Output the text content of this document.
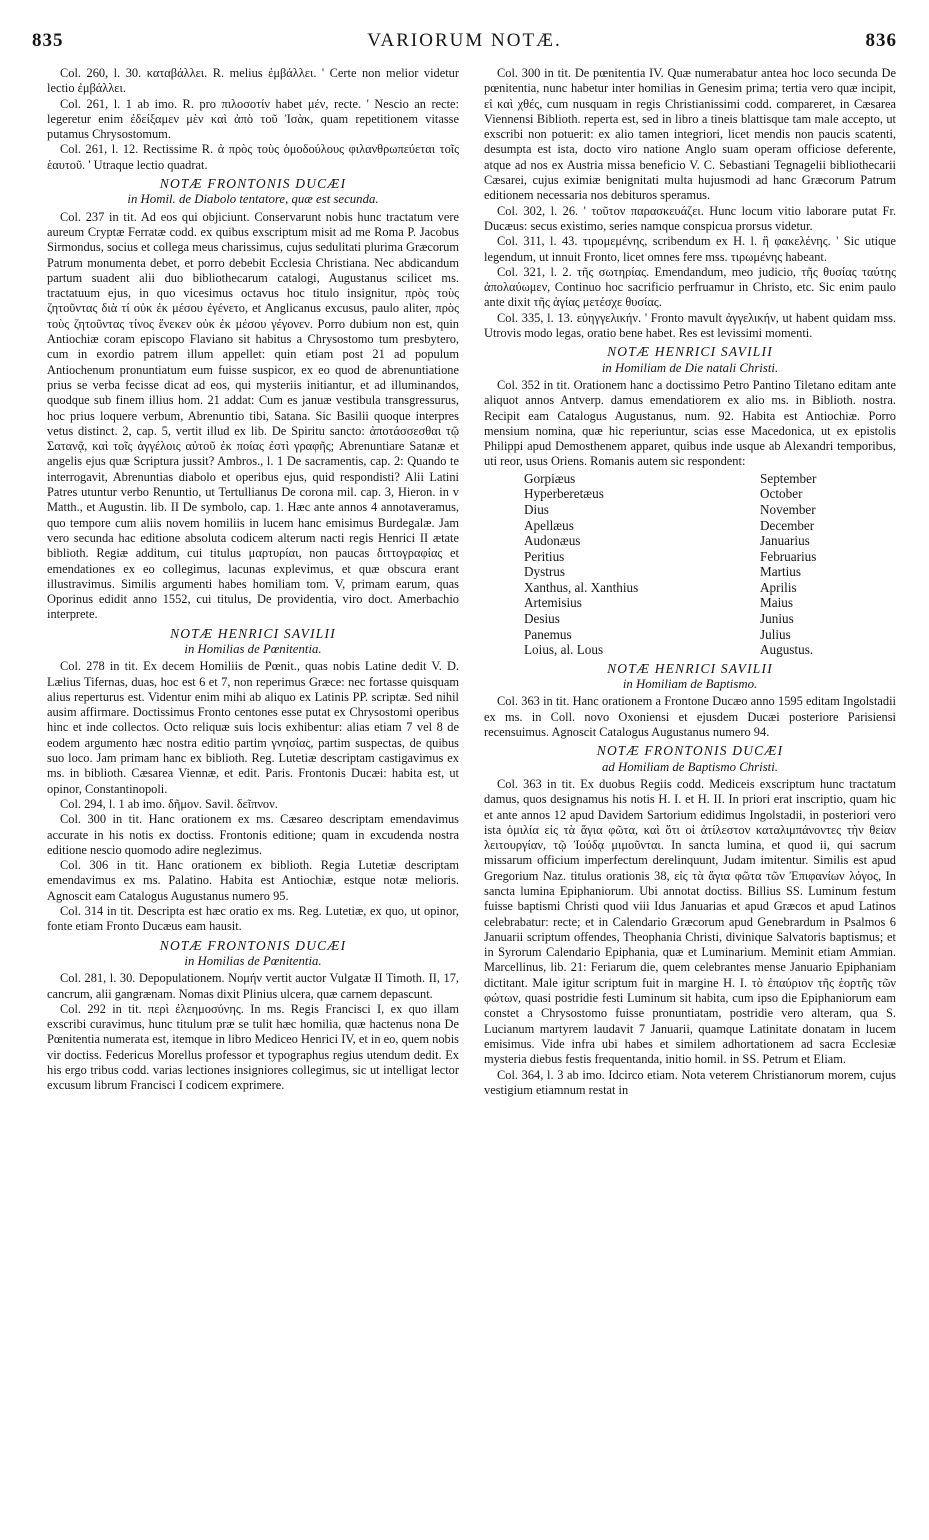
835	VARIORUM NOTÆ.	836

Col. 260, l. 30. καταβάλλει. R. melius ἐμβάλλει. ' Certe non melior videtur lectio ἐμβάλλει.

Col. 261, l. 1 ab imo. R. pro πιλοσοτίν habet μέν, recte. ' Nescio an recte: legeretur enim ἐδείξαμεν μὲν καὶ ἀπὸ τοῦ Ἰσὰκ, quam repetitionem vitasse putamus Chrysostomum.

Col. 261, l. 12. Rectissime R. ἀ πρὸς τοὺς ὁμοδούλους φιλανθρωπεύεται τοῖς ἑαυτοῦ. ' Utraque lectio quadrat.

NOTÆ FRONTONIS DUCÆI
in Homil. de Diabolo tentatore, quæ est secunda.

Col. 237 in tit. Ad eos qui objiciunt. Conservarunt nobis hunc tractatum vere aureum Cryptæ Ferratæ codd. ex quibus exscriptum misit ad me Roma P. Jacobus Sirmondus, socius et collega meus charissimus, cujus sedulitati plurima Græcorum Patrum monumenta debet, et porro debebit Ecclesia Christiana. Nec abdicandum partum suadent alii duo bibliothecarum catalogi, Augustanus scilicet ms. tractatuum ejus, in quo vicesimus octavus hoc titulo insignitur, πρὸς τοὺς ζητοῦντας διὰ τί οὐκ ἐκ μέσου ἐγένετο, et Anglicanus excusus, paulo aliter, πρὸς τοὺς ζητοῦντας τίνος ἕνεκεν οὐκ ἐκ μέσου γέγονεν. Porro dubium non est, quin Antiochiæ coram episcopo Flaviano sit habitus a Chrysostomo tum presbytero, cum in exordio patrem illum appellet: quin etiam post 21 ad populum Antiochenum pronuntiatum eum fuisse suspicor, ex eo quod de abrenuntiatione prius se verba fecisse dicat ad eos, qui mysteriis initiantur, et ad illuminandos, quodque sub finem illius hom. 21 addat: Cum es januæ vestibula transgressurus, hoc prius loquere verbum, Abrenuntio tibi, Satana. Sic Basilii quoque interpres vetus distinct. 2, cap. 5, vertit illud ex lib. De Spiritu sancto: ἀποτάσσεσθαι τῷ Σατανᾷ, καὶ τοῖς ἀγγέλοις αὐτοῦ ἐκ ποίας ἐστὶ γραφῆς; Abrenuntiare Satanæ et angelis ejus quæ Scriptura jussit? Ambros., l. 1 De sacramentis, cap. 2: Quando te interrogavit, Abrenuntias diabolo et operibus ejus, quid respondisti? Alii Latini Patres utuntur verbo Renuntio, ut Tertullianus De corona mil. cap. 3, Hieron. in v Matth., et Augustin. lib. II De symbolo, cap. 1. Hæc ante annos 4 annotaveramus, quo tempore cum aliis novem homiliis in lucem hanc emisimus Burdegalæ. Jam vero secunda hac editione absoluta codicem alterum nacti regis Henrici II ætate biblioth. Regiæ additum, cui titulus μαρτυρίαι, non paucas διττογραφίας et emendationes ex eo collegimus, lacunas explevimus, et quæ obscura erant illustravimus. Similis argumenti habes homiliam tom. V, primam earum, quas Oporinus edidit anno 1552, cui titulus, De providentia, viro doct. Amerbachio interprete.

NOTÆ HENRICI SAVILII
in Homilias de Pœnitentia.

Col. 278 in tit. Ex decem Homiliis de Pœnit., quas nobis Latine dedit V. D. Lælius Tifernas, duas, hoc est 6 et 7, non reperimus Græce: nec fortasse quisquam alius reperturus est. Videntur enim mihi ab aliquo ex Latinis PP. scriptæ. Sed nihil ausim affirmare. Doctissimus Fronto centones esse putat ex Chrysostomi operibus hinc et inde collectos. Octo reliquæ suis locis exhibentur: alias etiam 7 vel 8 de eodem argumento hæc nostra editio partim γνησίας, partim suspectas, de quibus suo loco. Jam primam hanc ex biblioth. Reg. Lutetiæ descriptam castigavimus ex ms. in biblioth. Cæsarea Viennæ, et edit. Paris. Frontonis Ducæi: habita est, ut opinor, Constantinopoli.

Col. 294, l. 1 ab imo. δῆμον. Savil. δεῖπνον.

Col. 300 in tit. Hanc orationem ex ms. Cæsareo descriptam emendavimus accurate in his notis ex doctiss. Frontonis editione; quam in excudenda nostra editione nescio quomodo adire neglezimus.

Col. 306 in tit. Hanc orationem ex biblioth. Regia Lutetiæ descriptam emendavimus ex ms. Palatino. Habita est Antiochiæ, estque notæ melioris. Agnoscit eam Catalogus Augustanus numero 95.

Col. 314 in tit. Descripta est hæc oratio ex ms. Reg. Lutetiæ, ex quo, ut opinor, fonte etiam Fronto Ducæus eam hausit.

NOTÆ FRONTONIS DUCÆI
in Homilias de Pœnitentia.

Col. 281, l. 30. Depopulationem. Νομήν vertit auctor Vulgatæ II Timoth. II, 17, cancrum, alii gangrænam. Nomas dixit Plinius ulcera, quæ carnem depascunt.

Col. 292 in tit. περὶ ἐλεημοσύνης. In ms. Regis Francisci I, ex quo illam exscribi curavimus, hunc titulum præ se tulit hæc homilia, quæ hactenus nona De Pœnitentia numerata est, itemque in libro Mediceo Henrici IV, et in eo, quem nobis vir doctiss. Federicus Morellus professor et typographus regius utendum dedit. Ex his ergo tribus codd. varias lectiones insigniores collegimus, sic ut intelligat lector excusum librum Francisci I codicem exprimere.

Col. 300 in tit. De pœnitentia IV. Quæ numerabatur antea hoc loco secunda De pœnitentia, nunc habetur inter homilias in Genesim prima; tertia vero quæ incipit, εἰ καὶ χθές, cum nusquam in regis Christianissimi codd. compareret, in Cæsarea Viennensi Biblioth. reperta est, sed in libro a tineis blattisque tam male accepto, ut exscribi non potuerit: ex alio tamen integriori, licet mendis non paucis scatenti, desumpta est ista, docto viro natione Anglo suam operam officiose deferente, atque ad nos ex Austria missa beneficio V. C. Sebastiani Tegnagelii bibliothecarii Cæsarei, cujus eximiæ benignitati multa hujusmodi ad hanc Græcorum Patrum editionem necessaria nos debituros speramus.

Col. 302, l. 26. ' τοῦτον παρασκευάζει. Hunc locum vitio laborare putat Fr. Ducæus: secus existimo, series namque conspicua prorsus videtur.

Col. 311, l. 43. τιρομεμένης, scribendum ex H. l. ἢ φακελένης. ' Sic utique legendum, ut innuit Fronto, licet omnes fere mss. τιρωμένης habeant.

Col. 321, l. 2. τῆς σωτηρίας. Emendandum, meo judicio, τῆς θυσίας ταύτης ἀπολαύωμεν, Continuo hoc sacrificio perfruamur in Christo, etc. Sic enim paulo ante dixit τῆς ἁγίας μετέσχε θυσίας.

Col. 335, l. 13. εὐηγγελικήν. ' Fronto mavult ἀγγελικήν, ut habent quidam mss. Utrovis modo legas, oratio bene habet. Res est levissimi momenti.

NOTÆ HENRICI SAVILII
in Homiliam de Die natali Christi.

Col. 352 in tit. Orationem hanc a doctissimo Petro Pantino Tiletano editam ante aliquot annos Antverp. damus emendatiorem ex alio ms. in Biblioth. nostra. Recipit eam Catalogus Augustanus, num. 92. Habita est Antiochiæ. Porro mensium nomina, quæ hic reperiuntur, scias esse Macedonica, ut ex epistolis Philippi apud Demosthenem apparet, quibus inde usque ab Alexandri temporibus, uti reor, usus Oriens. Romanis autem sic respondent:

Gorpiæus	September
Hyperberetæus	October
Dius	November
Apellæus	December
Audonæus	Januarius
Peritius	Februarius
Dystrus	Martius
Xanthus, al. Xanthius	Aprilis
Artemisius	Maius
Desius	Junius
Panemus	Julius
Loius, al. Lous	Augustus.
NOTÆ HENRICI SAVILII
in Homiliam de Baptismo.

Col. 363 in tit. Hanc orationem a Frontone Ducæo anno 1595 editam Ingolstadii ex ms. in Coll. novo Oxoniensi et ejusdem Ducæi posteriore Parisiensi recensuimus. Agnoscit Catalogus Augustanus numero 94.

NOTÆ FRONTONIS DUCÆI
ad Homiliam de Baptismo Christi.

Col. 363 in tit. Ex duobus Regiis codd. Mediceis exscriptum hunc tractatum damus, quos designamus his notis H. I. et H. II. In priori erat inscriptio, quam hic et ante annos 12 apud Davidem Sartorium edidimus Ingolstadii, in posteriori vero ista ὁμιλία εἰς τὰ ἅγια φῶτα, καὶ ὅτι οἱ ἀτίλεστον καταλιμπάνοντες τὴν θείαν λειτουργίαν, τῷ Ἰούδᾳ μιμοῦνται. In sancta lumina, et quod ii, qui sacrum missarum officium imperfectum derelinquunt, Judam imitentur. Similis est apud Gregorium Naz. titulus orationis 38, εἰς τὰ ἅγια φῶτα τῶν Ἐπιφανίων λόγος, In sancta lumina Epiphaniorum. Ubi annotat doctiss. Billius SS. Luminum festum fuisse baptismi Christi quod viii Idus Januarias et apud Græcos et apud Latinos celebrabatur: recte; et in Calendario Græcorum apud Genebrardum in Psalmos 6 Januarii scriptum offendes, Theophania Christi, divinique Salvatoris baptismus; et in Syrorum Calendario Epiphania, quæ et Luminarium. Meminit etiam Ammian. Marcellinus, lib. 21: Feriarum die, quem celebrantes mense Januario Epiphaniam dictitant. Male igitur scriptum fuit in margine H. I. τὸ ἐπαύριον τῆς ἑορτῆς τῶν φώτων, quasi postridie festi Luminum sit habita, cum ipso die Epiphaniorum eam constet a Chrysostomo fuisse pronuntiatam, postridie vero alteram, qua S. Lucianum martyrem laudavit 7 Januarii, quamque Latinitate donatam in lucem emisimus. Vide infra ubi habes et similem adhortationem ad sacra Ecclesiæ mysteria diebus festis frequentanda, initio homil. in SS. Petrum et Eliam.

Col. 364, l. 3 ab imo. Idcirco etiam. Nota veterem Christianorum morem, cujus vestigium etiamnum restat in
